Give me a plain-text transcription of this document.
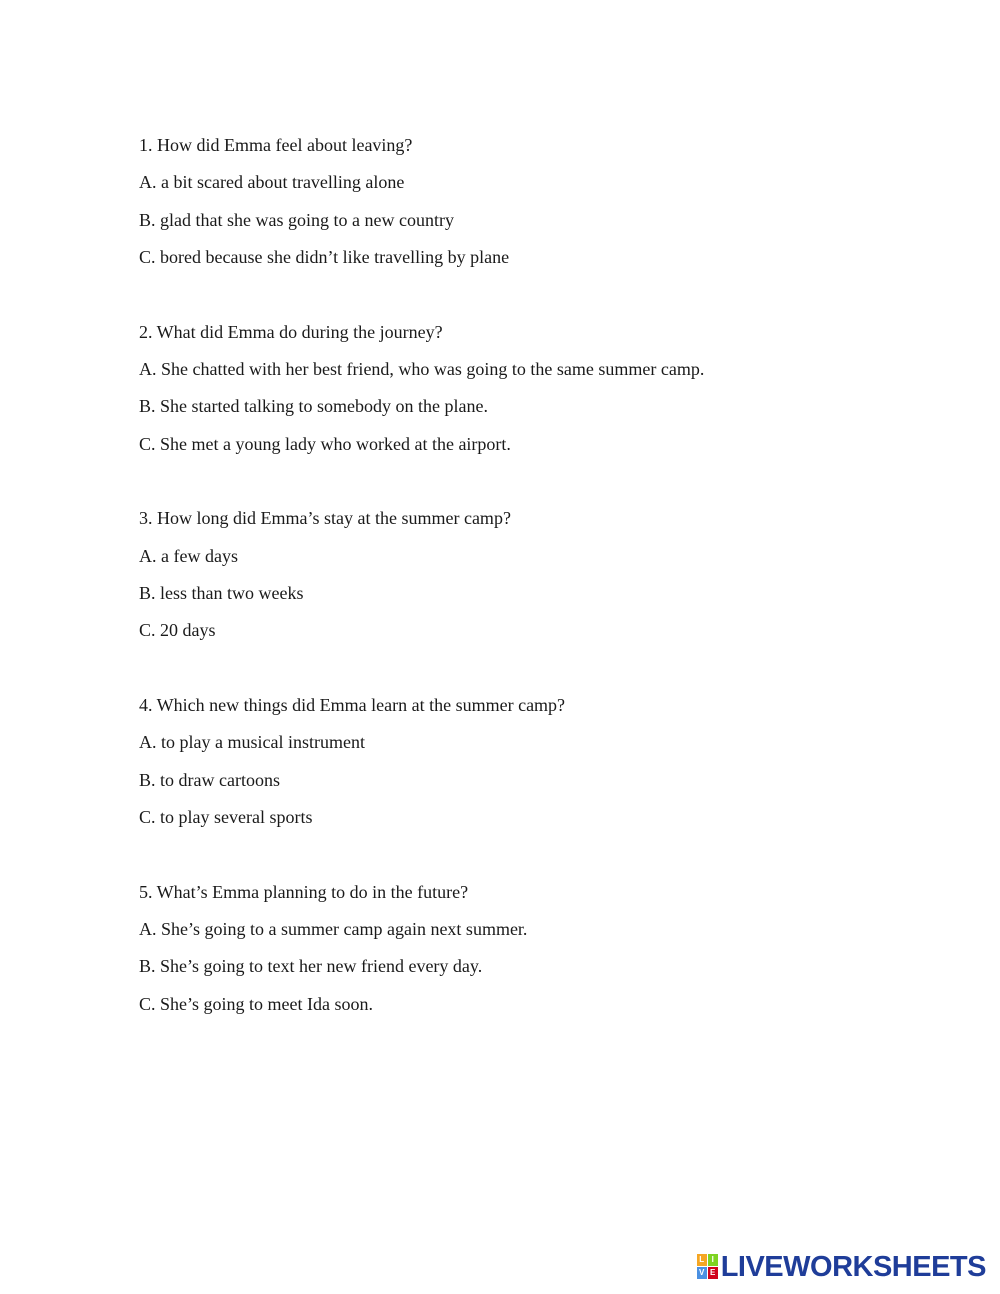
1. How did Emma feel about leaving?
A. a bit scared about travelling alone
B. glad that she was going to a new country
C. bored because she didn’t like travelling by plane
2. What did Emma do during the journey?
A. She chatted with her best friend, who was going to the same summer camp.
B. She started talking to somebody on the plane.
C. She met a young lady who worked at the airport.
3. How long did Emma’s stay at the summer camp?
A. a few days
B. less than two weeks
C. 20 days
4. Which new things did Emma learn at the summer camp?
A. to play a musical instrument
B. to draw cartoons
C. to play several sports
5. What’s Emma planning to do in the future?
A. She’s going to a summer camp again next summer.
B. She’s going to text her new friend every day.
C. She’s going to meet Ida soon.
L I
V E LIVEWORKSHEETS
